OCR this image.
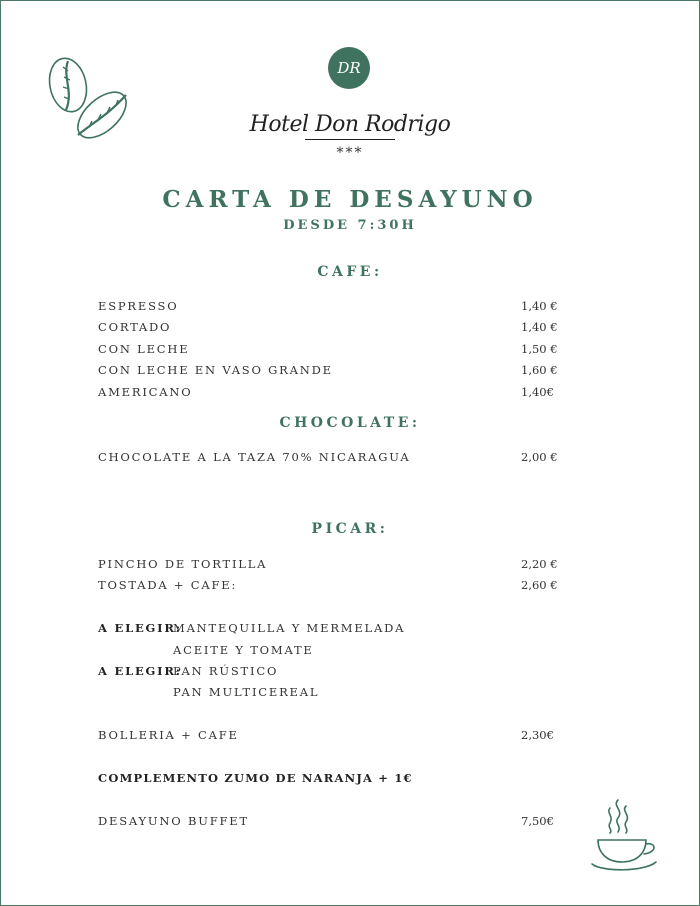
DR
Hotel Don Rodrigo
***
CARTA DE DESAYUNO
DESDE 7:30H
CAFE:
ESPRESSO	1,40 €
CORTADO	1,40 €
CON LECHE	1,50 €
CON LECHE EN VASO GRANDE	1,60 €
AMERICANO	1,40€
CHOCOLATE:
CHOCOLATE A LA TAZA 70% NICARAGUA	2,00 €
PICAR:
PINCHO DE TORTILLA	2,20 €
TOSTADA + CAFE:	2,60 €
A ELEGIR:
MANTEQUILLA Y MERMELADA
ACEITE Y TOMATE
A ELEGIR:
PAN RÚSTICO
PAN MULTICEREAL
BOLLERIA + CAFE	2,30€
COMPLEMENTO ZUMO DE NARANJA + 1€
DESAYUNO BUFFET	7,50€
